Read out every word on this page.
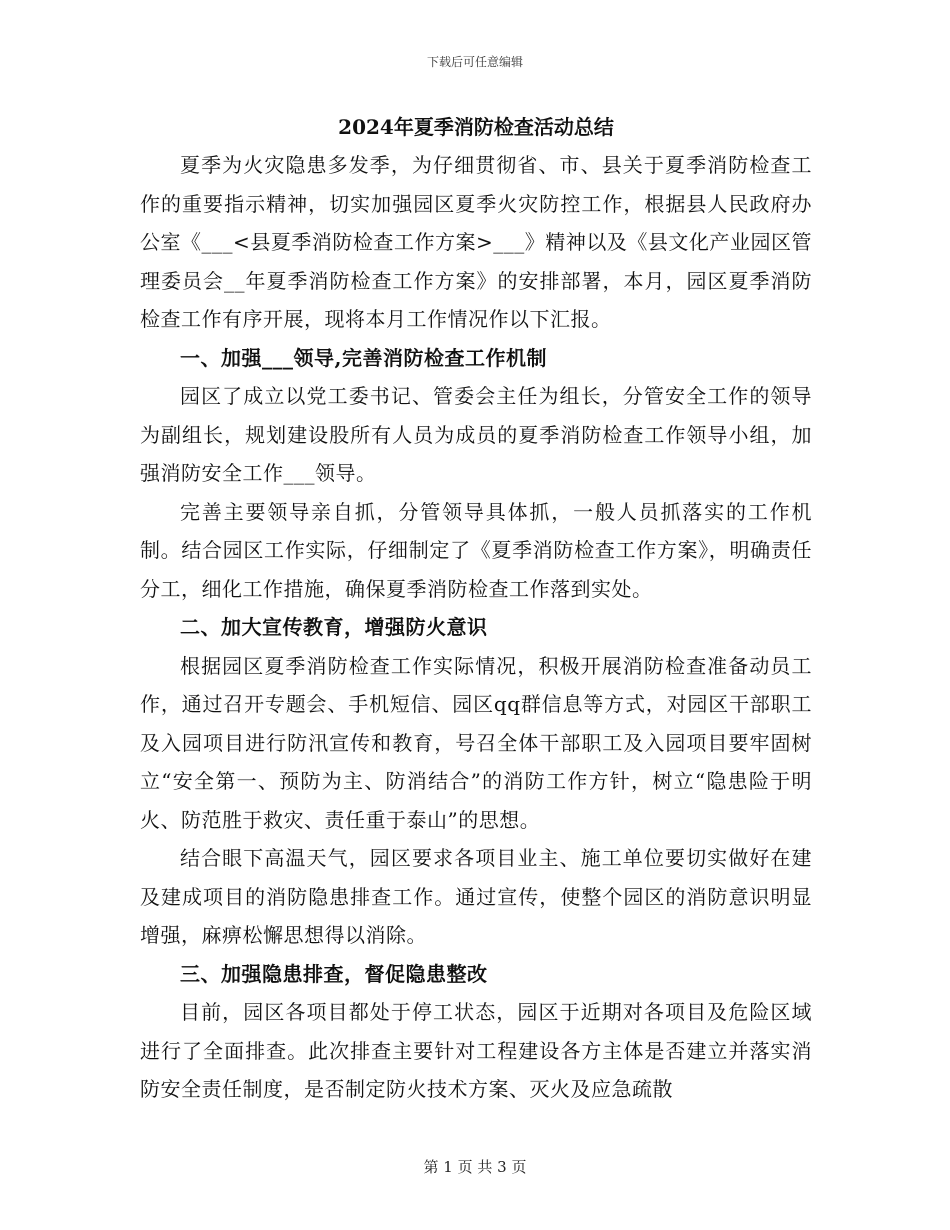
下载后可任意编辑
2024年夏季消防检查活动总结

夏季为火灾隐患多发季，为仔细贯彻省、市、县关于夏季消防检查工作的重要指示精神，切实加强园区夏季火灾防控工作，根据县人民政府办公室《___<县夏季消防检查工作方案>___》精神以及《县文化产业园区管理委员会__年夏季消防检查工作方案》的安排部署，本月，园区夏季消防检查工作有序开展，现将本月工作情况作以下汇报。

一、加强___领导,完善消防检查工作机制

园区了成立以党工委书记、管委会主任为组长，分管安全工作的领导为副组长，规划建设股所有人员为成员的夏季消防检查工作领导小组，加强消防安全工作___领导。

完善主要领导亲自抓，分管领导具体抓，一般人员抓落实的工作机制。结合园区工作实际，仔细制定了《夏季消防检查工作方案》，明确责任分工，细化工作措施，确保夏季消防检查工作落到实处。

二、加大宣传教育，增强防火意识

根据园区夏季消防检查工作实际情况，积极开展消防检查准备动员工作，通过召开专题会、手机短信、园区qq群信息等方式，对园区干部职工及入园项目进行防汛宣传和教育，号召全体干部职工及入园项目要牢固树立“安全第一、预防为主、防消结合”的消防工作方针，树立“隐患险于明火、防范胜于救灾、责任重于泰山”的思想。

结合眼下高温天气，园区要求各项目业主、施工单位要切实做好在建及建成项目的消防隐患排查工作。通过宣传，使整个园区的消防意识明显增强，麻痹松懈思想得以消除。

三、加强隐患排查，督促隐患整改

目前，园区各项目都处于停工状态，园区于近期对各项目及危险区域进行了全面排查。此次排查主要针对工程建设各方主体是否建立并落实消防安全责任制度，是否制定防火技术方案、灭火及应急疏散

第 1 页 共 3 页
